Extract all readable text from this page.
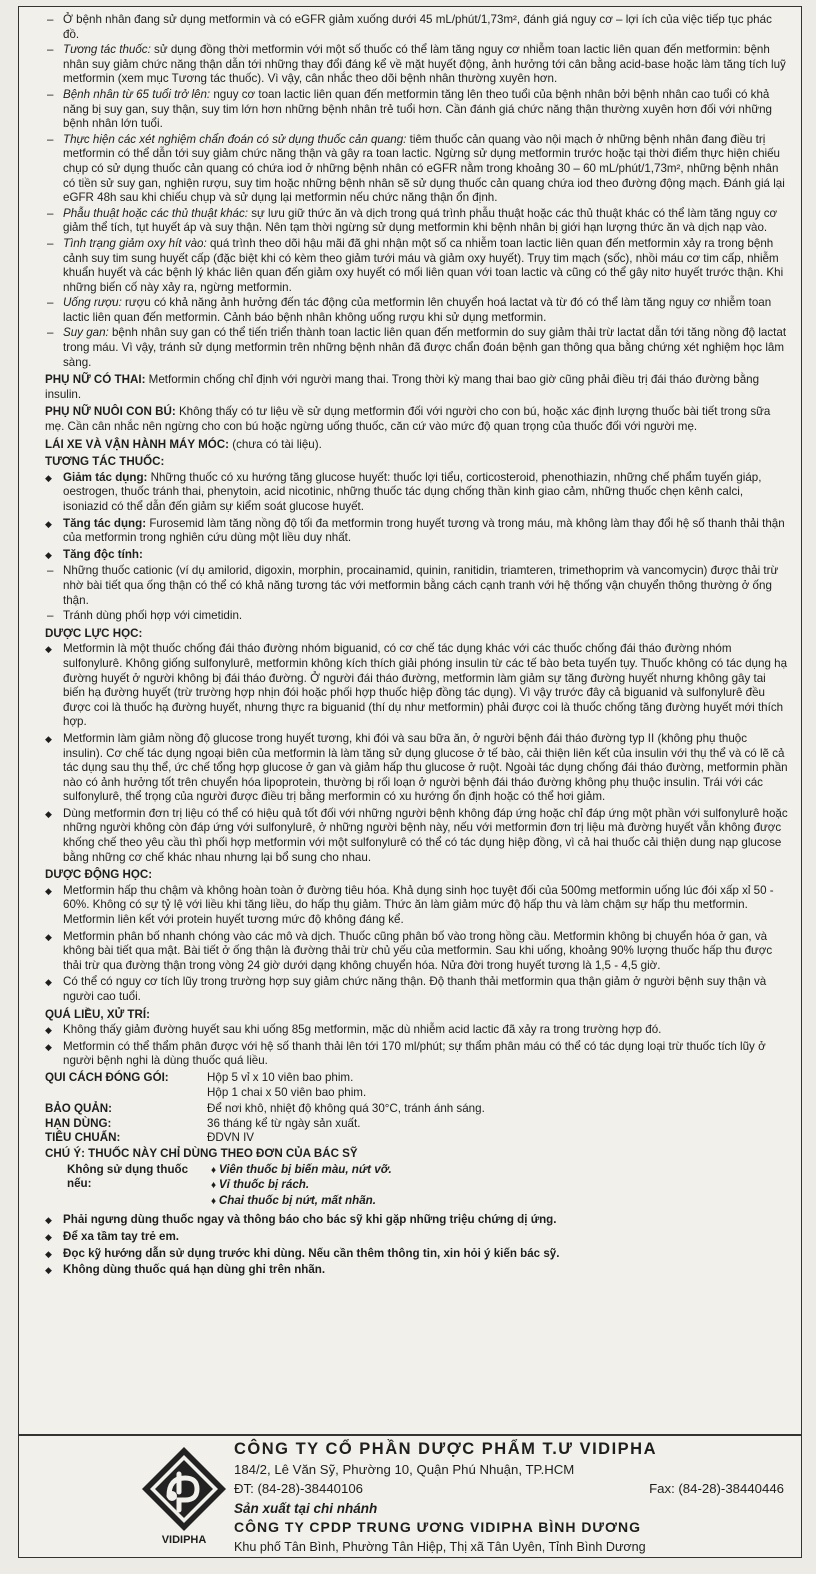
– Ở bệnh nhân đang sử dụng metformin và có eGFR giảm xuống dưới 45 mL/phút/1,73m², đánh giá nguy cơ – lợi ích của việc tiếp tục phác đồ.
– Tương tác thuốc: sử dụng đồng thời metformin với một số thuốc có thể làm tăng nguy cơ nhiễm toan lactic liên quan đến metformin: bệnh nhân suy giảm chức năng thận dẫn tới những thay đổi đáng kể về mặt huyết động, ảnh hưởng tới cân bằng acid-base hoặc làm tăng tích luỹ metformin (xem mục Tương tác thuốc). Vì vậy, cân nhắc theo dõi bệnh nhân thường xuyên hơn.
– Bệnh nhân từ 65 tuổi trở lên: nguy cơ toan lactic liên quan đến metformin tăng lên theo tuổi của bệnh nhân bởi bệnh nhân cao tuổi có khả năng bị suy gan, suy thận, suy tim lớn hơn những bệnh nhân trẻ tuổi hơn. Cần đánh giá chức năng thận thường xuyên hơn đối với những bệnh nhân lớn tuổi.
– Thực hiện các xét nghiệm chẩn đoán có sử dụng thuốc cản quang: tiêm thuốc cản quang vào nội mạch ở những bệnh nhân đang điều trị metformin có thể dẫn tới suy giảm chức năng thận và gây ra toan lactic. Ngừng sử dụng metformin trước hoặc tại thời điểm thực hiện chiếu chụp có sử dụng thuốc cản quang có chứa iod ở những bệnh nhân có eGFR nằm trong khoảng 30 – 60 mL/phút/1,73m², những bệnh nhân có tiền sử suy gan, nghiện rượu, suy tim hoặc những bệnh nhân sẽ sử dụng thuốc cản quang chứa iod theo đường động mạch. Đánh giá lại eGFR 48h sau khi chiếu chụp và sử dụng lại metformin nếu chức năng thận ổn định.
– Phẫu thuật hoặc các thủ thuật khác: sự lưu giữ thức ăn và dịch trong quá trình phẫu thuật hoặc các thủ thuật khác có thể làm tăng nguy cơ giảm thể tích, tụt huyết áp và suy thận. Nên tạm thời ngừng sử dụng metformin khi bệnh nhân bị giới hạn lượng thức ăn và dịch nạp vào.
– Tình trạng giảm oxy hít vào: quá trình theo dõi hậu mãi đã ghi nhận một số ca nhiễm toan lactic liên quan đến metformin xảy ra trong bệnh cảnh suy tim sung huyết cấp (đặc biệt khi có kèm theo giảm tưới máu và giảm oxy huyết). Trụy tim mạch (sốc), nhồi máu cơ tim cấp, nhiễm khuẩn huyết và các bệnh lý khác liên quan đến giảm oxy huyết có mối liên quan với toan lactic và cũng có thể gây nitơ huyết trước thận. Khi những biến cố này xảy ra, ngừng metformin.
– Uống rượu: rượu có khả năng ảnh hưởng đến tác động của metformin lên chuyển hoá lactat và từ đó có thể làm tăng nguy cơ nhiễm toan lactic liên quan đến metformin. Cảnh báo bệnh nhân không uống rượu khi sử dụng metformin.
– Suy gan: bệnh nhân suy gan có thể tiến triển thành toan lactic liên quan đến metformin do suy giảm thải trừ lactat dẫn tới tăng nồng độ lactat trong máu. Vì vậy, tránh sử dụng metformin trên những bệnh nhân đã được chẩn đoán bệnh gan thông qua bằng chứng xét nghiệm học lâm sàng.
PHỤ NỮ CÓ THAI: Metformin chống chỉ định với người mang thai. Trong thời kỳ mang thai bao giờ cũng phải điều trị đái tháo đường bằng insulin.
PHỤ NỮ NUÔI CON BÚ: Không thấy có tư liệu về sử dụng metformin đối với người cho con bú, hoặc xác định lượng thuốc bài tiết trong sữa mẹ. Cần cân nhắc nên ngừng cho con bú hoặc ngừng uống thuốc, căn cứ vào mức độ quan trọng của thuốc đối với người mẹ.
LÁI XE VÀ VẬN HÀNH MÁY MÓC: (chưa có tài liệu).
TƯƠNG TÁC THUỐC:
◆ Giảm tác dụng: Những thuốc có xu hướng tăng glucose huyết: thuốc lợi tiểu, corticosteroid, phenothiazin, những chế phẩm tuyến giáp, oestrogen, thuốc tránh thai, phenytoin, acid nicotinic, những thuốc tác dụng chống thần kinh giao cảm, những thuốc chẹn kênh calci, isoniazid có thể dẫn đến giảm sự kiểm soát glucose huyết.
◆ Tăng tác dụng: Furosemid làm tăng nồng độ tối đa metformin trong huyết tương và trong máu, mà không làm thay đổi hệ số thanh thải thận của metformin trong nghiên cứu dùng một liều duy nhất.
◆ Tăng độc tính:
– Những thuốc cationic (ví dụ amilorid, digoxin, morphin, procainamid, quinin, ranitidin, triamteren, trimethoprim và vancomycin) được thải trừ nhờ bài tiết qua ống thận có thể có khả năng tương tác với metformin bằng cách cạnh tranh với hệ thống vận chuyển thông thường ở ống thận.
– Tránh dùng phối hợp với cimetidin.
DƯỢC LỰC HỌC:
◆ Metformin là một thuốc chống đái tháo đường nhóm biguanid, có cơ chế tác dụng khác với các thuốc chống đái tháo đường nhóm sulfonylurê. Không giống sulfonylurê, metformin không kích thích giải phóng insulin từ các tế bào beta tuyến tụy. Thuốc không có tác dụng hạ đường huyết ở người không bị đái tháo đường. Ở người đái tháo đường, metformin làm giảm sự tăng đường huyết nhưng không gây tai biến hạ đường huyết (trừ trường hợp nhịn đói hoặc phối hợp thuốc hiệp đồng tác dụng). Vì vậy trước đây cả biguanid và sulfonylurê đều được coi là thuốc hạ đường huyết, nhưng thực ra biguanid (thí dụ như metformin) phải được coi là thuốc chống tăng đường huyết mới thích hợp.
◆ Metformin làm giảm nồng độ glucose trong huyết tương, khi đói và sau bữa ăn, ở người bệnh đái tháo đường typ II (không phụ thuộc insulin). Cơ chế tác dụng ngoại biên của metformin là làm tăng sử dụng glucose ở tế bào, cải thiện liên kết của insulin với thụ thể và có lẽ cả tác dụng sau thụ thể, ức chế tổng hợp glucose ở gan và giảm hấp thu glucose ở ruột. Ngoài tác dụng chống đái tháo đường, metformin phần nào có ảnh hưởng tốt trên chuyển hóa lipoprotein, thường bị rối loạn ở người bệnh đái tháo đường không phụ thuộc insulin. Trái với các sulfonylurê, thể trọng của người được điều trị bằng merformin có xu hướng ổn định hoặc có thể hơi giảm.
◆ Dùng metformin đơn trị liệu có thể có hiệu quả tốt đối với những người bệnh không đáp ứng hoặc chỉ đáp ứng một phần với sulfonylurê hoặc những người không còn đáp ứng với sulfonylurê, ở những người bệnh này, nếu với metformin đơn trị liệu mà đường huyết vẫn không được khống chế theo yêu cầu thì phối hợp metformin với một sulfonylurê có thể có tác dụng hiệp đồng, vì cả hai thuốc cải thiện dung nạp glucose bằng những cơ chế khác nhau nhưng lại bổ sung cho nhau.
DƯỢC ĐỘNG HỌC:
◆ Metformin hấp thu chậm và không hoàn toàn ở đường tiêu hóa. Khả dụng sinh học tuyệt đối của 500mg metformin uống lúc đói xấp xỉ 50 - 60%. Không có sự tỷ lệ với liều khi tăng liều, do hấp thụ giảm. Thức ăn làm giảm mức độ hấp thu và làm chậm sự hấp thu metformin. Metformin liên kết với protein huyết tương mức độ không đáng kể.
◆ Metformin phân bố nhanh chóng vào các mô và dịch. Thuốc cũng phân bố vào trong hồng cầu. Metformin không bị chuyển hóa ở gan, và không bài tiết qua mật. Bài tiết ở ống thận là đường thải trừ chủ yếu của metformin. Sau khi uống, khoảng 90% lượng thuốc hấp thu được thải trừ qua đường thận trong vòng 24 giờ dưới dạng không chuyển hóa. Nửa đời trong huyết tương là 1,5 - 4,5 giờ.
◆ Có thể có nguy cơ tích lũy trong trường hợp suy giảm chức năng thận. Độ thanh thải metformin qua thận giảm ở người bệnh suy thận và người cao tuổi.
QUÁ LIỀU, XỬ TRÍ:
◆ Không thấy giảm đường huyết sau khi uống 85g metformin, mặc dù nhiễm acid lactic đã xảy ra trong trường hợp đó.
◆ Metformin có thể thẩm phân được với hệ số thanh thải lên tới 170 ml/phút; sự thẩm phân máu có thể có tác dụng loại trừ thuốc tích lũy ở người bệnh nghi là dùng thuốc quá liều.
QUI CÁCH ĐÓNG GÓI:	Hộp 5 vỉ x 10 viên bao phim.
Hộp 1 chai x 50 viên bao phim.
BẢO QUẢN:	Để nơi khô, nhiệt độ không quá 30°C, tránh ánh sáng.
HẠN DÙNG:	36 tháng kể từ ngày sản xuất.
TIÊU CHUẨN:	ĐDVN IV
CHÚ Ý: THUỐC NÀY CHỈ DÙNG THEO ĐƠN CỦA BÁC SỸ
Không sử dụng thuốc nếu:
♦ Viên thuốc bị biến màu, nứt vỡ.
♦ Vỉ thuốc bị rách.
♦ Chai thuốc bị nứt, mất nhãn.
◆ Phải ngưng dùng thuốc ngay và thông báo cho bác sỹ khi gặp những triệu chứng dị ứng.
◆ Để xa tầm tay trẻ em.
◆ Đọc kỹ hướng dẫn sử dụng trước khi dùng. Nếu cần thêm thông tin, xin hỏi ý kiến bác sỹ.
◆ Không dùng thuốc quá hạn dùng ghi trên nhãn.
VIDIPHA
CÔNG TY CỔ PHẦN DƯỢC PHẨM T.Ư VIDIPHA
184/2, Lê Văn Sỹ, Phường 10, Quận Phú Nhuận, TP.HCM
ĐT: (84-28)-38440106	Fax: (84-28)-38440446
Sản xuất tại chi nhánh
CÔNG TY CPDP TRUNG ƯƠNG VIDIPHA BÌNH DƯƠNG
Khu phố Tân Bình, Phường Tân Hiệp, Thị xã Tân Uyên, Tỉnh Bình Dương
